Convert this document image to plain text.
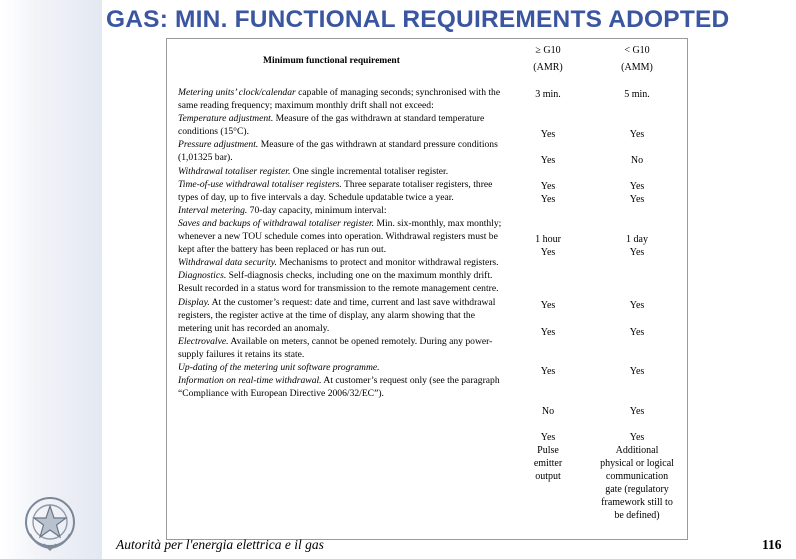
GAS: MIN. FUNCTIONAL REQUIREMENTS ADOPTED
Minimum functional requirement
≥ G10
(AMR)
< G10
(AMM)

Metering units’ clock/calendar capable of managing seconds; synchronised with the same reading frequency; maximum monthly drift shall not exceed:

Temperature adjustment. Measure of the gas withdrawn at standard temperature conditions (15°C).

Pressure adjustment. Measure of the gas withdrawn at standard pressure conditions (1,01325 bar).

Withdrawal totaliser register. One single incremental totaliser register.

Time-of-use withdrawal totaliser registers. Three separate totaliser registers, three types of day, up to five intervals a day. Schedule updatable twice a year.

Interval metering. 70-day capacity, minimum interval:

Saves and backups of withdrawal totaliser register. Min. six-monthly, max monthly; whenever a new TOU schedule comes into operation. Withdrawal registers must be kept after the battery has been replaced or has run out.

Withdrawal data security. Mechanisms to protect and monitor withdrawal registers.

Diagnostics. Self-diagnosis checks, including one on the maximum monthly drift. Result recorded in a status word for transmission to the remote management centre.

Display. At the customer’s request: date and time, current and last save withdrawal registers, the register active at the time of display, any alarm showing that the metering unit has recorded an anomaly.

Electrovalve. Available on meters, cannot be opened remotely. During any power-supply failures it retains its state.

Up-dating of the metering unit software programme.

Information on real-time withdrawal. At customer’s request only (see the paragraph “Compliance with European Directive 2006/32/EC”).

3 min.
Yes
Yes
Yes
Yes
1 hour
Yes
Yes
Yes
Yes
No
Yes
Pulse emitter output
5 min.
Yes
No
Yes
Yes
1 day
Yes
Yes
Yes
Yes
Yes
Yes
Additional physical or logical communication gate (regulatory framework still to be defined)
Autorità per l'energia elettrica e il gas	116
